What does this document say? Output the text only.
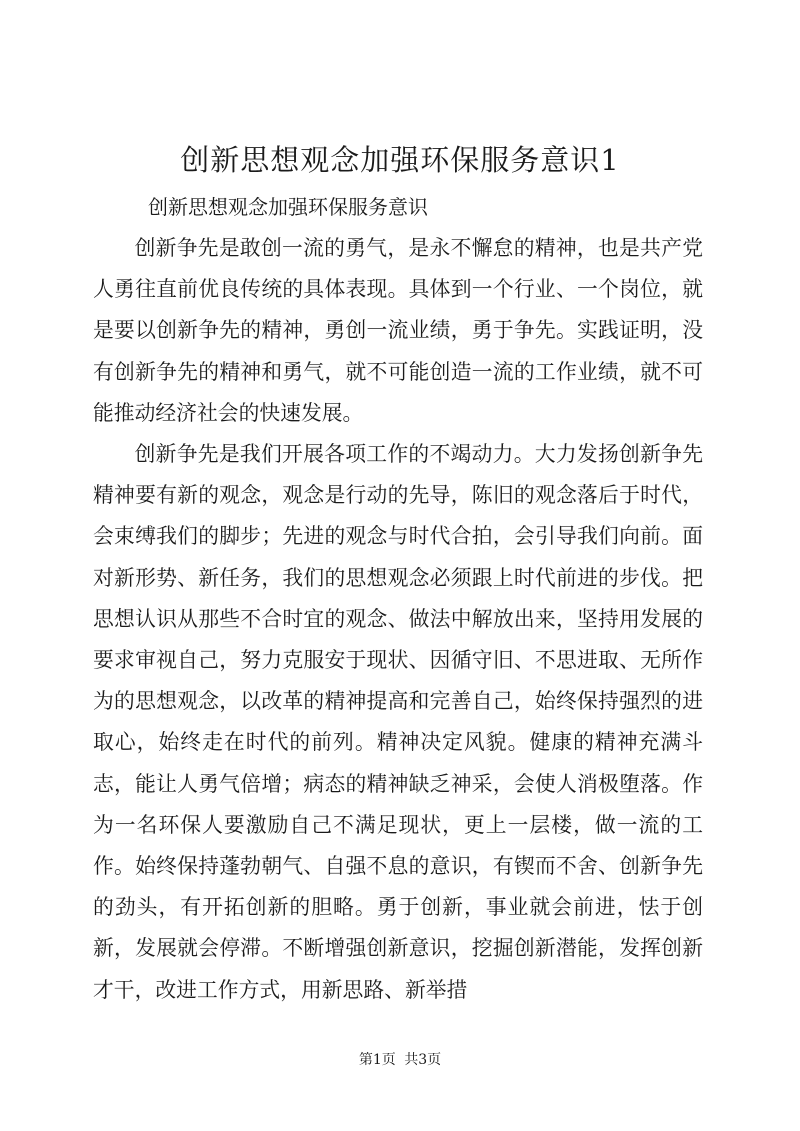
创新思想观念加强环保服务意识1
创新思想观念加强环保服务意识

创新争先是敢创一流的勇气，是永不懈怠的精神，也是共产党人勇往直前优良传统的具体表现。具体到一个行业、一个岗位，就是要以创新争先的精神，勇创一流业绩，勇于争先。实践证明，没有创新争先的精神和勇气，就不可能创造一流的工作业绩，就不可能推动经济社会的快速发展。

创新争先是我们开展各项工作的不竭动力。大力发扬创新争先精神要有新的观念，观念是行动的先导，陈旧的观念落后于时代，会束缚我们的脚步；先进的观念与时代合拍，会引导我们向前。面对新形势、新任务，我们的思想观念必须跟上时代前进的步伐。把思想认识从那些不合时宜的观念、做法中解放出来，坚持用发展的要求审视自己，努力克服安于现状、因循守旧、不思进取、无所作为的思想观念，以改革的精神提高和完善自己，始终保持强烈的进取心，始终走在时代的前列。精神决定风貌。健康的精神充满斗志，能让人勇气倍增；病态的精神缺乏神采，会使人消极堕落。作为一名环保人要激励自己不满足现状，更上一层楼，做一流的工作。始终保持蓬勃朝气、自强不息的意识，有锲而不舍、创新争先的劲头，有开拓创新的胆略。勇于创新，事业就会前进，怯于创新，发展就会停滞。不断增强创新意识，挖掘创新潜能，发挥创新才干，改进工作方式，用新思路、新举措

第1页 共3页
